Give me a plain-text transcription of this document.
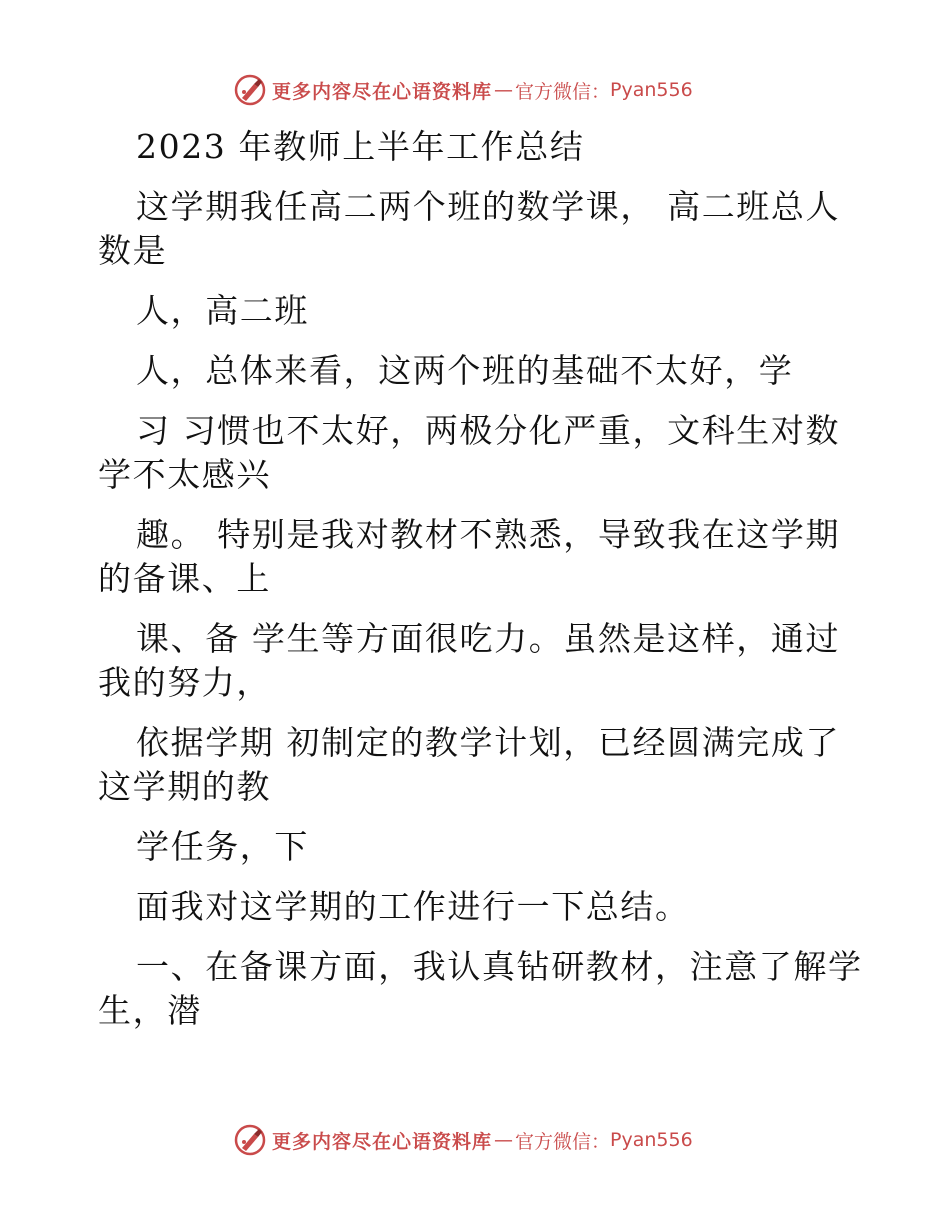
更多内容尽在心语资料库 — 官方微信： Pyan556
2023 年教师上半年工作总结
这学期我任高二两个班的数学课， 高二班总人
数是
人，高二班
人，总体来看，这两个班的基础不太好，学
习 习惯也不太好，两极分化严重，文科生对数
学不太感兴
趣。 特别是我对教材不熟悉，导致我在这学期
的备课、上
课、备 学生等方面很吃力。虽然是这样，通过
我的努力，
依据学期 初制定的教学计划，已经圆满完成了
这学期的教
学任务，下
面我对这学期的工作进行一下总结。
一、在备课方面，我认真钻研教材，注意了解学
生，潜
更多内容尽在心语资料库 — 官方微信： Pyan556
